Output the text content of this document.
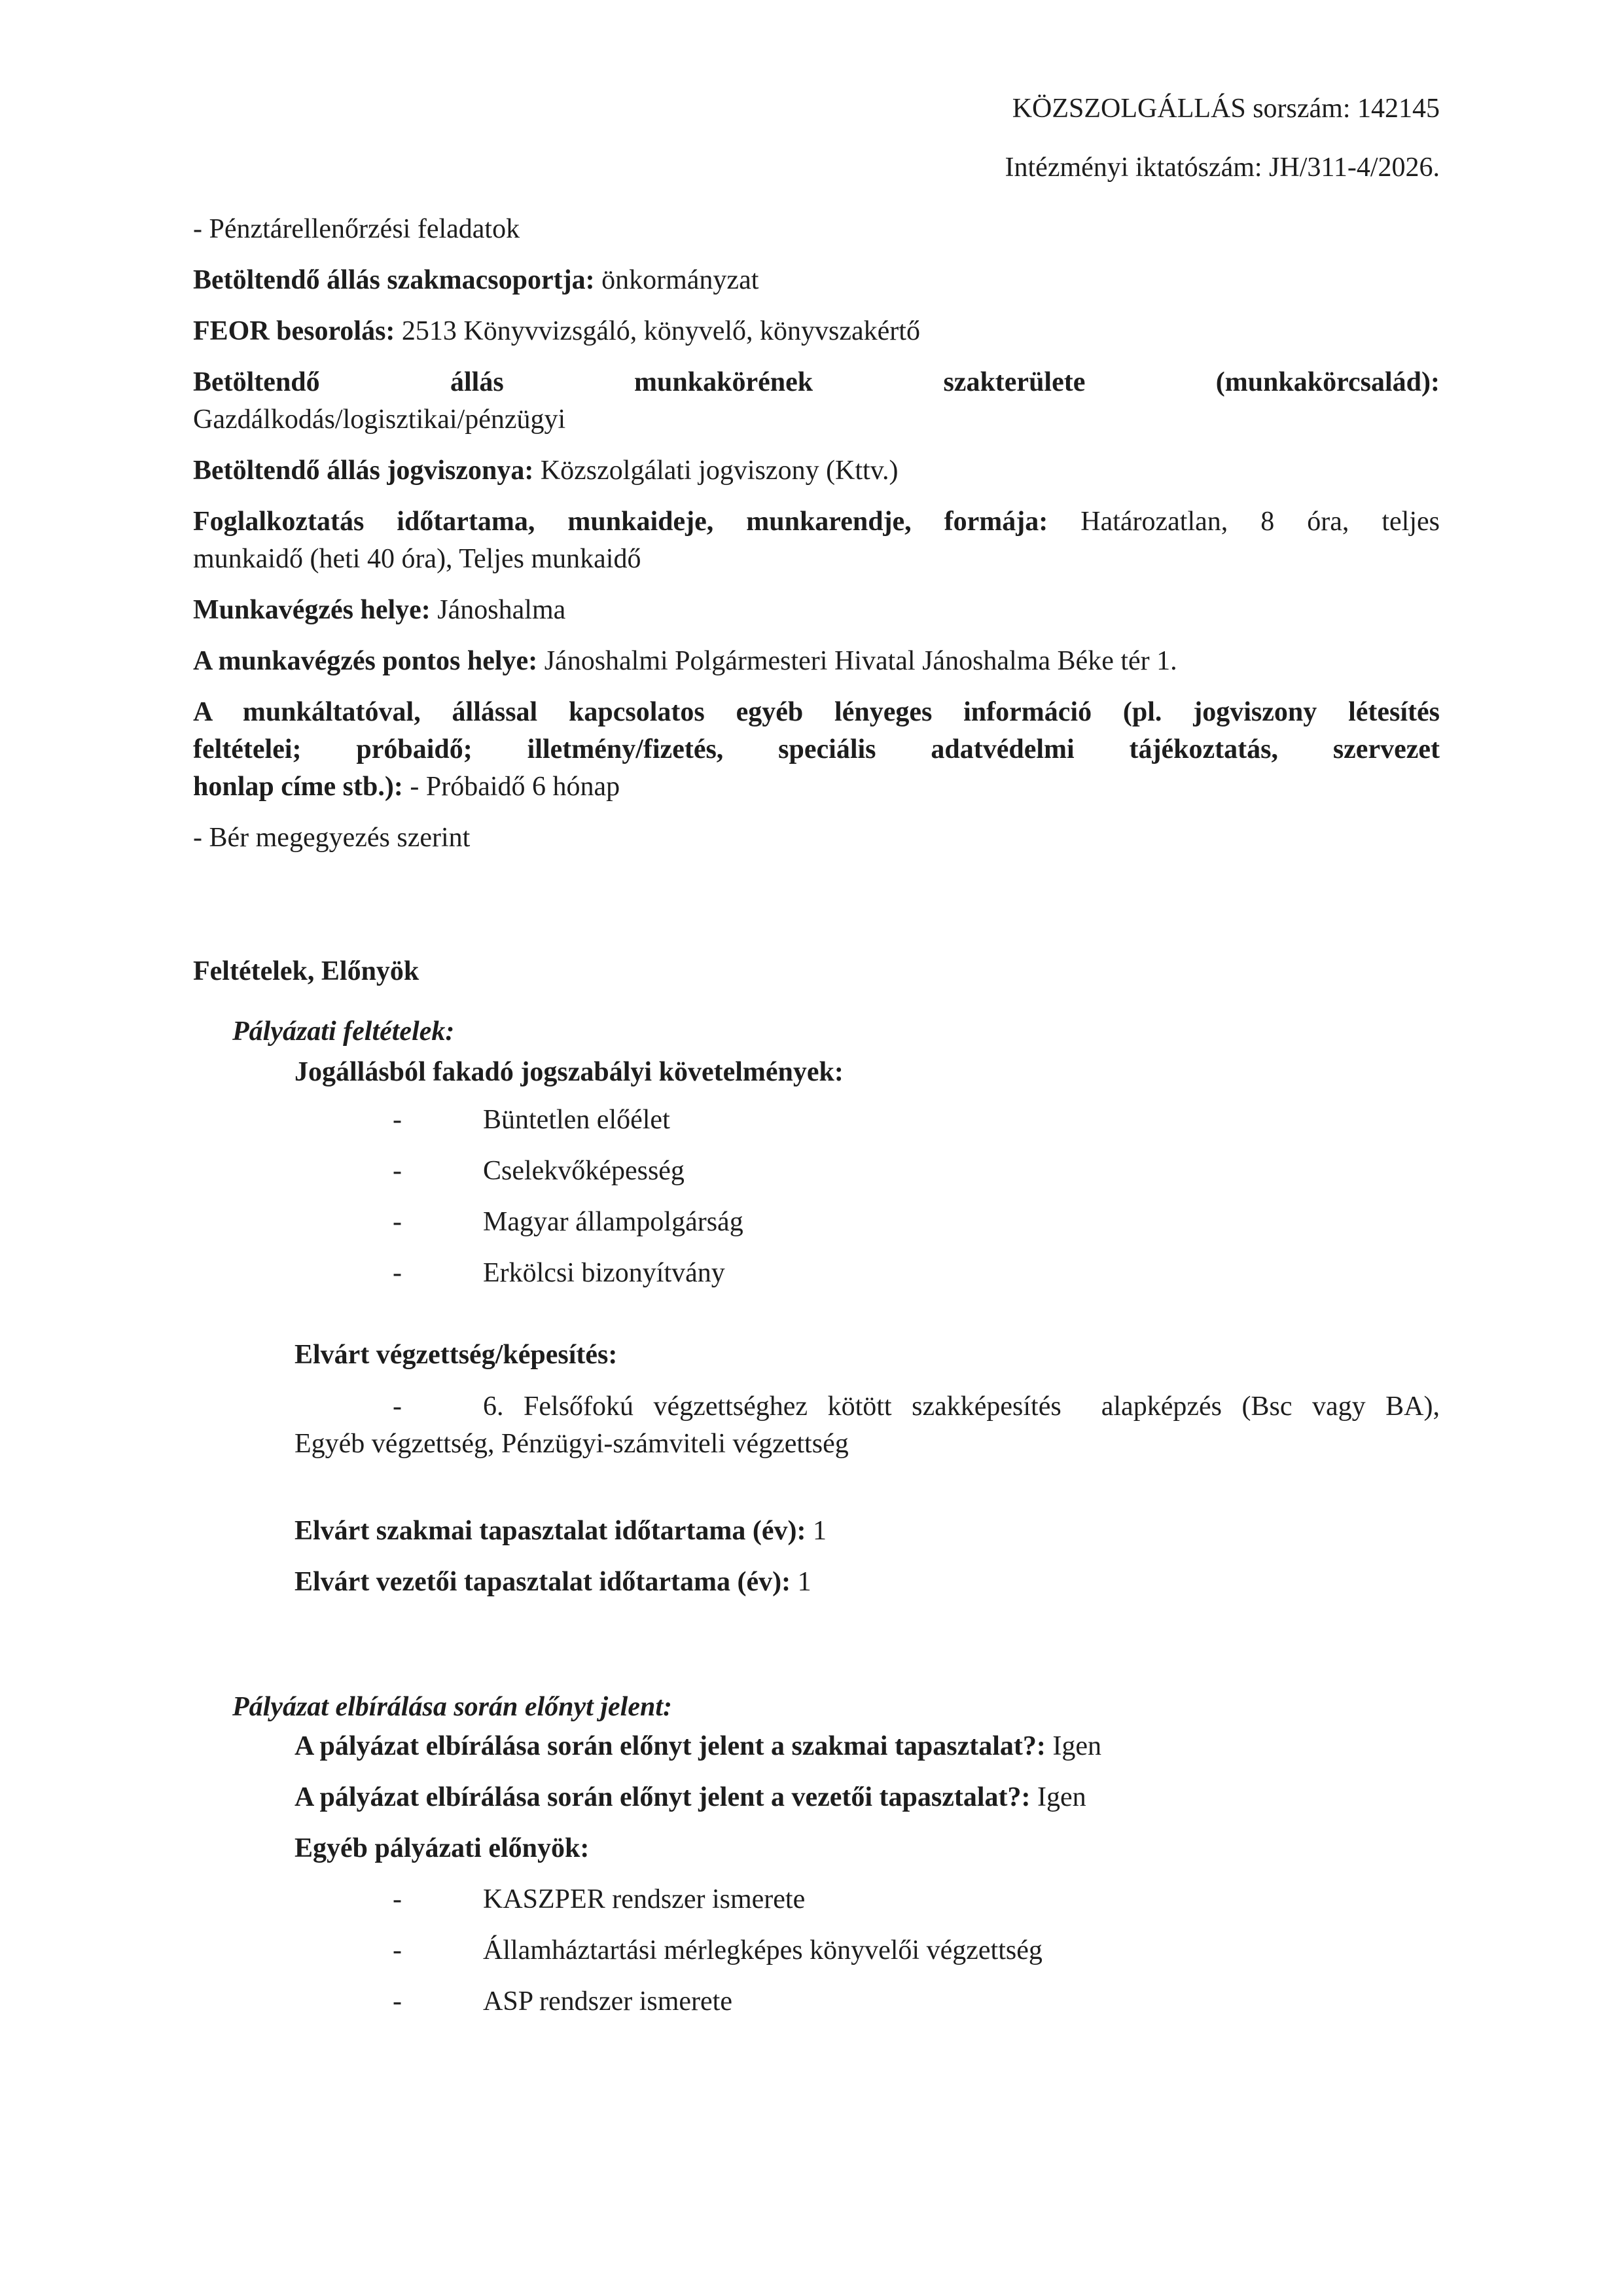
KÖZSZOLGÁLLÁS sorszám: 142145
Intézményi iktatószám: JH/311-4/2026.
- Pénztárellenőrzési feladatok
Betöltendő állás szakmacsoportja: önkormányzat
FEOR besorolás: 2513 Könyvvizsgáló, könyvelő, könyvszakértő
Betöltendő állás munkakörének szakterülete (munkakörcsalád):
Gazdálkodás/logisztikai/pénzügyi
Betöltendő állás jogviszonya: Közszolgálati jogviszony (Kttv.)
Foglalkoztatás időtartama, munkaideje, munkarendje, formája: Határozatlan, 8 óra, teljes
munkaidő (heti 40 óra), Teljes munkaidő
Munkavégzés helye: Jánoshalma
A munkavégzés pontos helye: Jánoshalmi Polgármesteri Hivatal Jánoshalma Béke tér 1.
A munkáltatóval, állással kapcsolatos egyéb lényeges információ (pl. jogviszony létesítés
feltételei; próbaidő; illetmény/fizetés, speciális adatvédelmi tájékoztatás, szervezet
honlap címe stb.): - Próbaidő 6 hónap
- Bér megegyezés szerint
Feltételek, Előnyök
Pályázati feltételek:
Jogállásból fakadó jogszabályi követelmények:
-	Büntetlen előélet
-	Cselekvőképesség
-	Magyar állampolgárság
-	Erkölcsi bizonyítvány
Elvárt végzettség/képesítés:
-	6. Felsőfokú végzettséghez kötött szakképesítés  alapképzés (Bsc vagy BA),
Egyéb végzettség, Pénzügyi-számviteli végzettség
Elvárt szakmai tapasztalat időtartama (év): 1
Elvárt vezetői tapasztalat időtartama (év): 1
Pályázat elbírálása során előnyt jelent:
A pályázat elbírálása során előnyt jelent a szakmai tapasztalat?: Igen
A pályázat elbírálása során előnyt jelent a vezetői tapasztalat?: Igen
Egyéb pályázati előnyök:
-	KASZPER rendszer ismerete
-	Államháztartási mérlegképes könyvelői végzettség
-	ASP rendszer ismerete
